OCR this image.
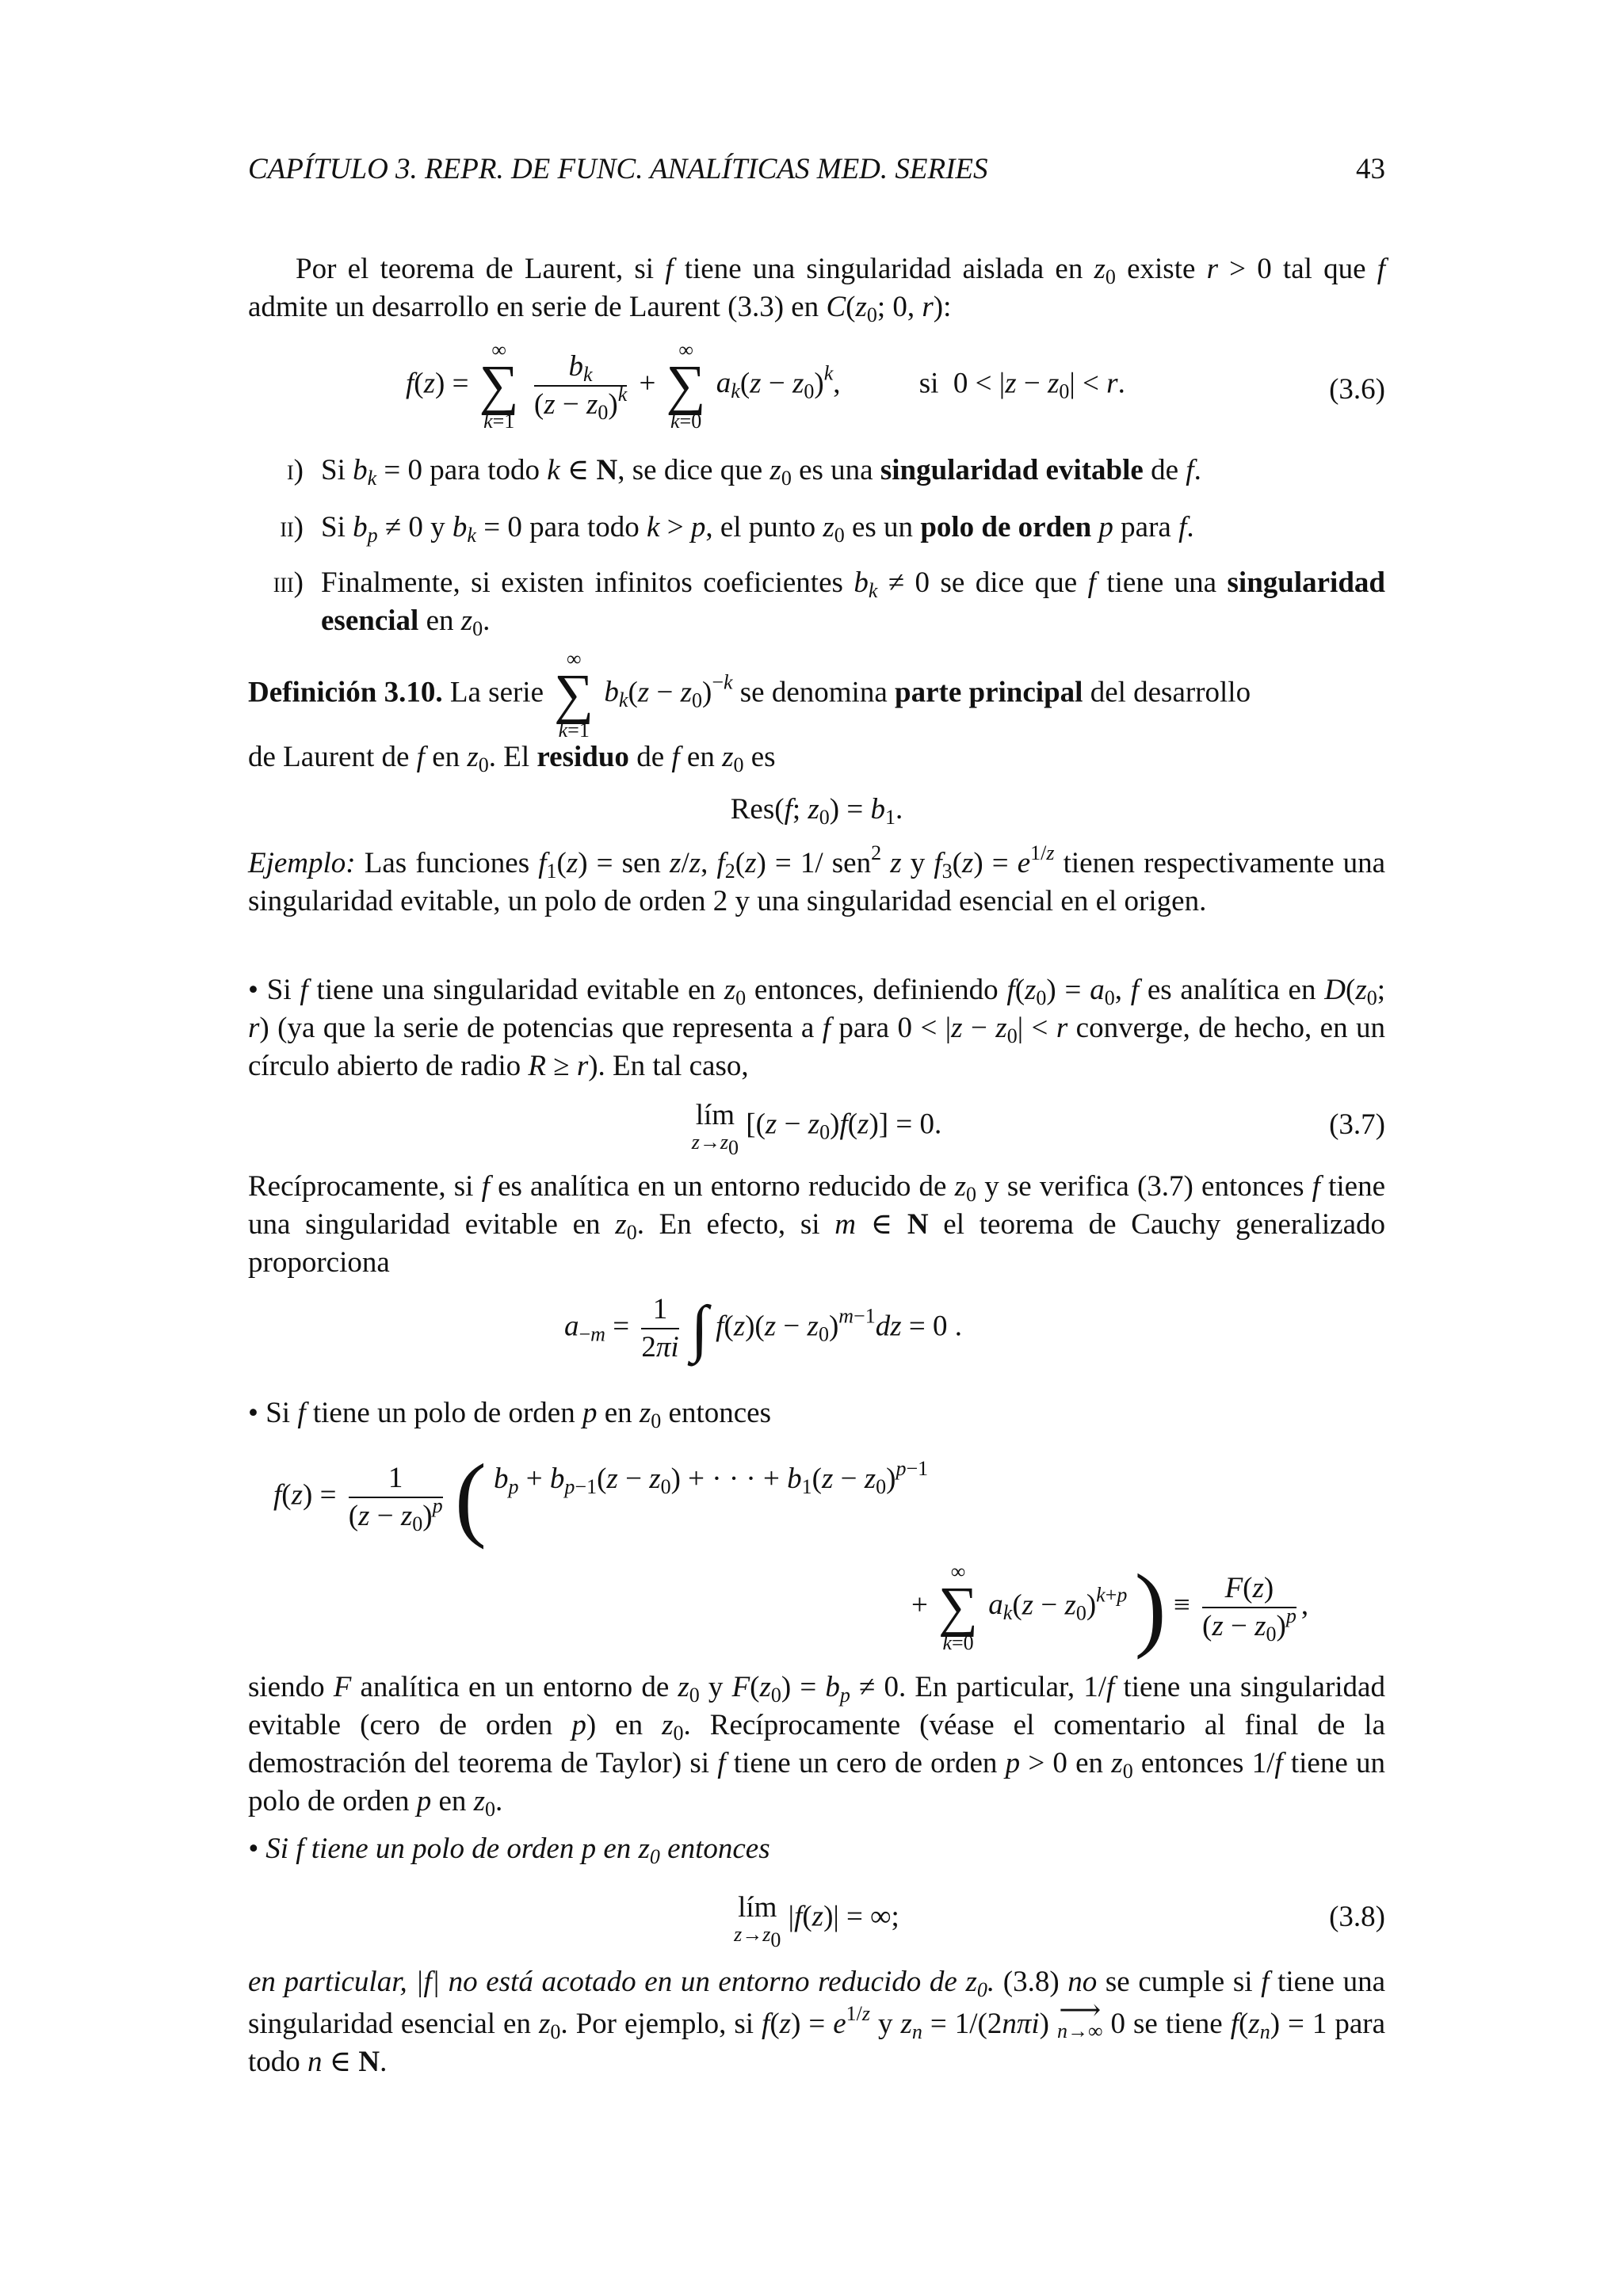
CAPÍTULO 3. REPR. DE FUNC. ANALÍTICAS MED. SERIES	43
Por el teorema de Laurent, si f tiene una singularidad aislada en $z_0$ existe r > 0 tal que f admite un desarrollo en serie de Laurent (3.3) en $C(z_0$; 0, r):
f(z) =
∞
∑
k=1
$\frac{b_k}{(z - z_0)^k}$ +
∞
∑
k=0
$a_k(z - z_0)^k$, si  $0 < |z - z_0| < r$.	(3.6)
i) Si $b_k = 0$ para todo k ∈ N, se dice que $z_0$ es una singularidad evitable de f.
ii) Si $b_p \ne 0$ y $b_k = 0$ para todo k > p, el punto $z_0$ es un polo de orden p para f.
iii) Finalmente, si existen infinitos coeficientes $b_k \ne 0$ se dice que f tiene una singularidad esencial en $z_0$.
Definición 3.10. La serie
∞
∑
k=1
$b_k(z - z_0)^{-k}$ se denomina parte principal del desarrollo
de Laurent de f en $z_0$. El residuo de f en $z_0$ es
Res(f; $z_0) = b_1$.
Ejemplo: Las funciones $f_1(z)$ = sen z/z, $f_2(z) = 1/$ sen$^2$ z y $f_3(z) = e^{1/z}$ tienen respectivamente una singularidad evitable, un polo de orden 2 y una singularidad esencial en el origen.
• Si f tiene una singularidad evitable en $z_0$ entonces, definiendo $f(z_0) = a_0$, f es analítica en $D(z_0$; r) (ya que la serie de potencias que representa a f para $0 < |z - z_0| < r$ converge, de hecho, en un círculo abierto de radio R ≥ r). En tal caso,
lím
$z\to z_0$
$[(z - z_0)f(z)] = 0$.	(3.7)
Recíprocamente, si f es analítica en un entorno reducido de $z_0$ y se verifica (3.7) entonces f tiene una singularidad evitable en $z_0$. En efecto, si m ∈ N el teorema de Cauchy generalizado proporciona
$a_{-m} = \frac{1}{2\pi i}$ ∫ $f(z)(z - z_0)^{m-1}dz = 0$ .
• Si f tiene un polo de orden p en $z_0$ entonces
$f(z) = \frac{1}{(z - z_0)^p}$ ( $b_p + b_{p-1}(z - z_0)$ + · · · + $b_1(z - z_0)^{p-1}$
+
∞
∑
k=0
$a_k(z - z_0)^{k+p}$ ) ≡ $\frac{F(z)}{(z - z_0)^p}$ ,
siendo F analítica en un entorno de $z_0$ y $F(z_0) = b_p \ne 0$. En particular, 1/f tiene una singularidad evitable (cero de orden p) en $z_0$. Recíprocamente (véase el comentario al final de la demostración del teorema de Taylor) si f tiene un cero de orden p > 0 en $z_0$ entonces 1/f tiene un polo de orden p en $z_0$.
• Si f tiene un polo de orden p en $z_0$ entonces
lím
$z\to z_0$
|f(z)| = ∞;	(3.8)
en particular, |f| no está acotado en un entorno reducido de $z_0$. (3.8) no se cumple si f tiene una singularidad esencial en $z_0$. Por ejemplo, si $f(z) = e^{1/z}$ y $z_n = 1/(2n\pi i)$ ⟶
n→∞ 0 se tiene $f(z_n) = 1$ para todo n ∈ N.
